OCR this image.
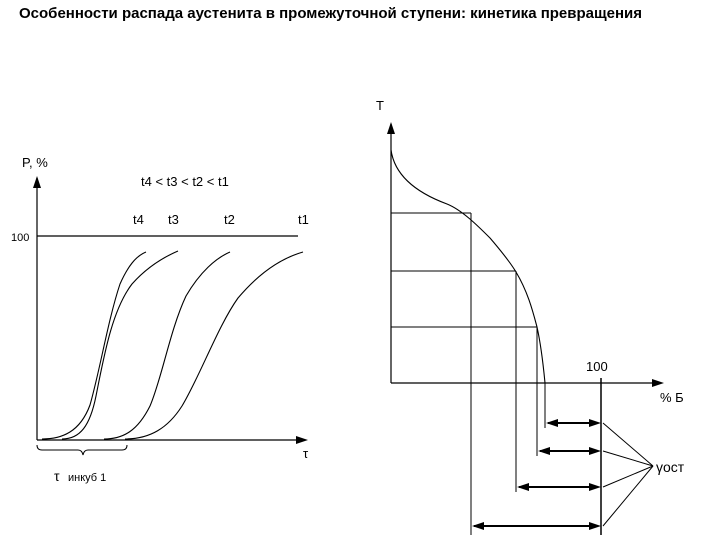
Особенности распада аустенита в промежуточной ступени: кинетика превращения
P, %
τ
100
t4 < t3 < t2 < t1
t4 t3	t2	t1
τ инкуб 1
T
% Б
100
γост
